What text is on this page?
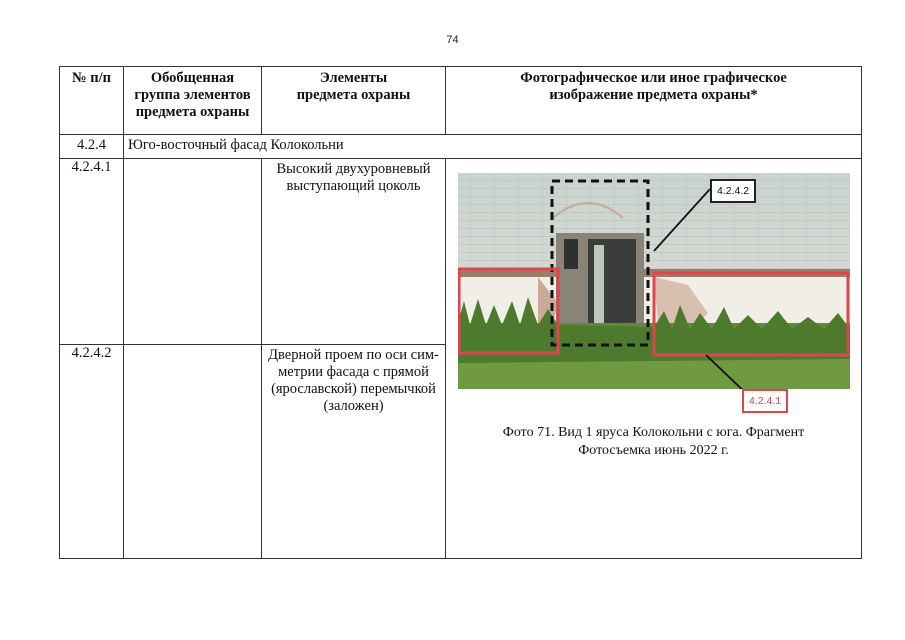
74
№ п/п	Обобщенная группа элементов предмета охраны	Элементы предмета охраны	Фотографическое или иное графическое изображение предмета охраны*
4.2.4	Юго-восточный фасад Колокольни		
4.2.4.1		Высокий двухуровневый выступающий цоколь	4.2.4.2
4.2.4.1
Фото 71. Вид 1 яруса Колокольни с юга. Фрагмент
Фотосъемка июнь 2022 г.

4.2.4.2		Дверной проем по оси сим-метрии фасада с прямой (ярославской) перемычкой (заложен)	
